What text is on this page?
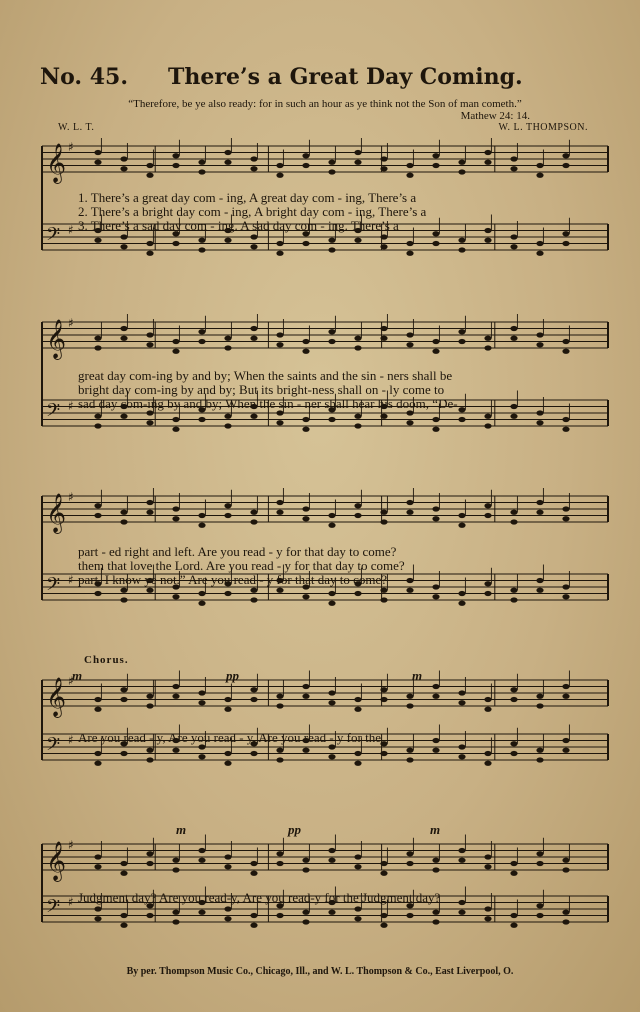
No. 45. There’s a Great Day Coming.
“Therefore, be ye also ready: for in such an hour as ye think not the Son of man cometh.”
Mathew 24: 14.
W. L. T.	W. L. THOMPSON.
𝄞 ♯
𝄢 ♯
1. There’s a great day com - ing, A great day com - ing, There’s a
2. There’s a bright day com - ing, A bright day com - ing, There’s a
3. There’s a sad day com - ing. A sad day com - ing. There’s a
𝄞 ♯
𝄢 ♯
great day com-ing by and by; When the saints and the sin - ners shall be
bright day com-ing by and by; But its bright-ness shall on - ly come to
sad day com-ing by and by; When the sin - ner shall hear his doom, “De-
𝄞 ♯
𝄢 ♯
part - ed right and left. Are you read - y for that day to come?
them that love the Lord. Are you read - y for that day to come?
part, I know ye not.” Are you read - y for that day to come?
Chorus.
𝄞 ♯
𝄢 ♯
m	pp	m
Are you read - y, Are you read - y, Are you read - y for the
𝄞 ♯
𝄢 ♯
m	pp	m
Judgment day? Are you read-y, Are you read-y for the Judgment day?
By per. Thompson Music Co., Chicago, Ill., and W. L. Thompson & Co., East Liverpool, O.
